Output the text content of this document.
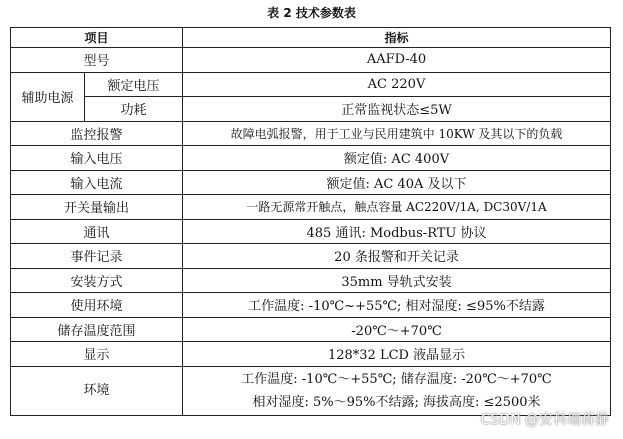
表 2 技术参数表
项目		指标
型号		AAFD-40
辅助电源	额定电压	AC 220V
	功耗	正常监视状态≤5W
监控报警		故障电弧报警，用于工业与民用建筑中 10KW 及其以下的负载
输入电压		额定值: AC 400V
输入电流		额定值: AC 40A 及以下
开关量输出		一路无源常开触点，触点容量 AC220V/1A, DC30V/1A
通讯		485 通讯: Modbus-RTU 协议
事件记录		20 条报警和开关记录
安装方式		35mm 导轨式安装
使用环境		工作温度: -10℃~+55℃; 相对湿度: ≤95%不结露
储存温度范围		-20℃～+70℃
显示		128*32 LCD 液晶显示
环境		工作温度: -10℃～+55℃; 储存温度: -20℃～+70℃
相对湿度: 5%～95%不结露; 海拔高度: ≤2500米
CSDN @安科瑞蒋静
